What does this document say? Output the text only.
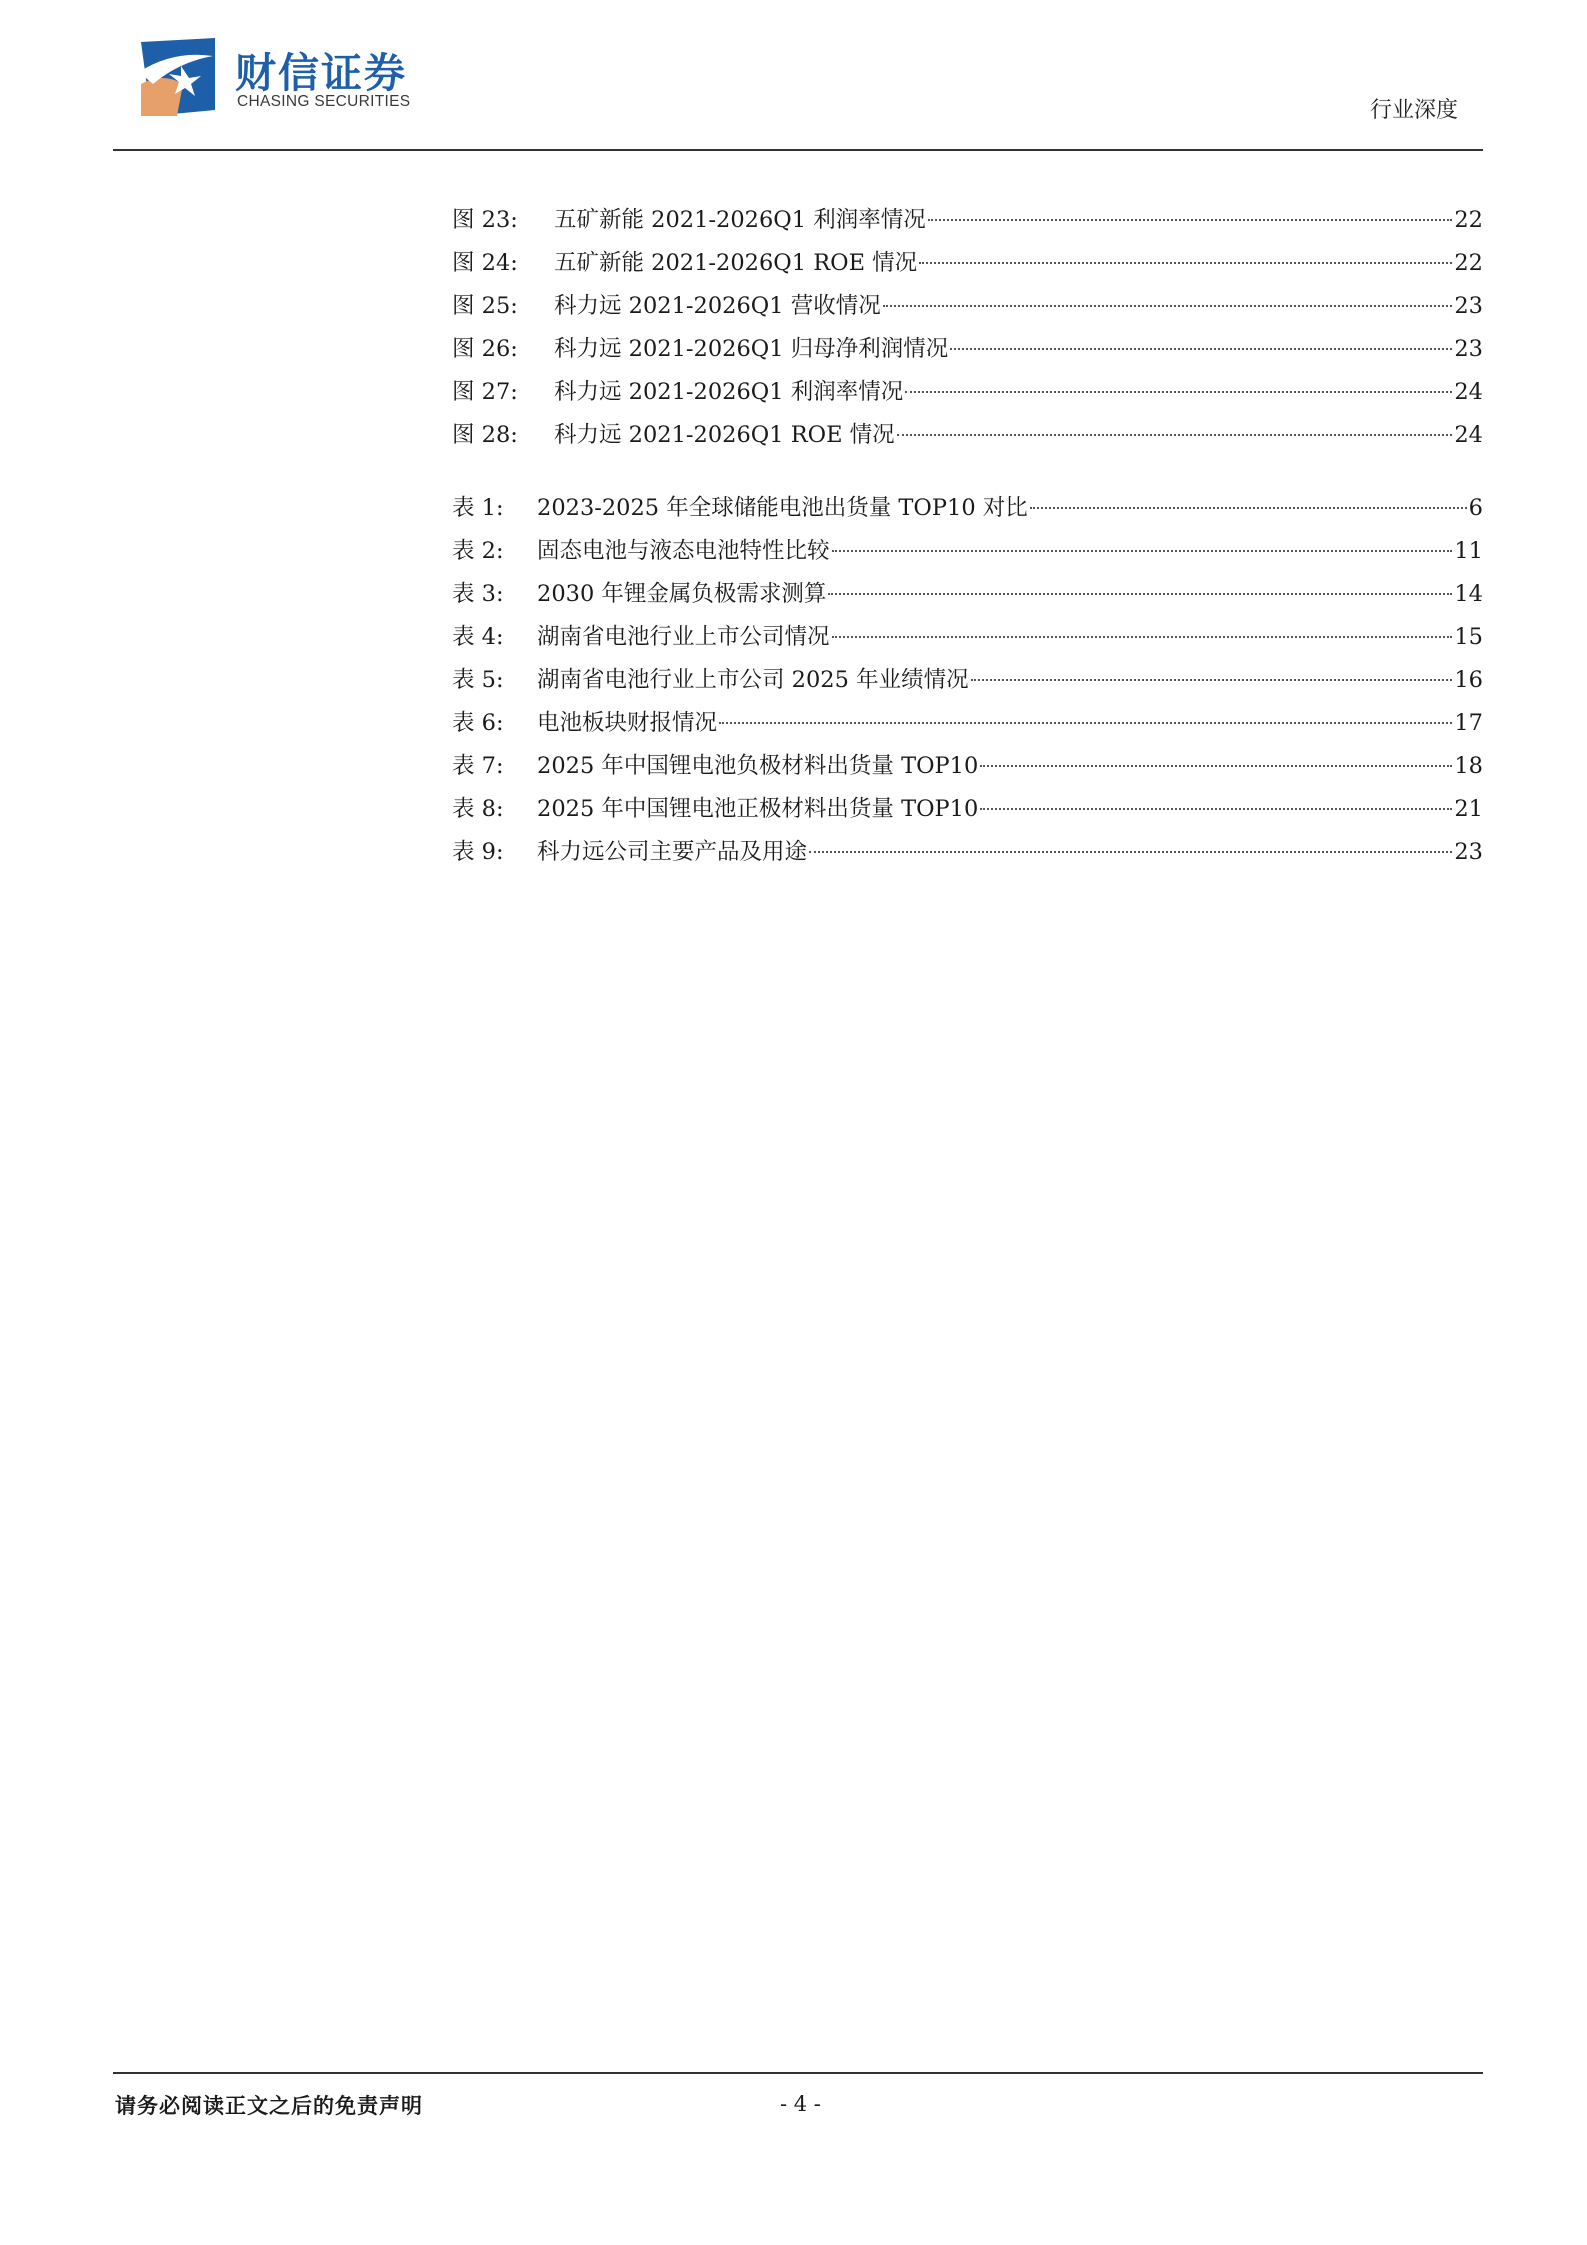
财信证券
CHASING SECURITIES	行业深度
图 23:	五矿新能 2021-2026Q1 利润率情况	22
图 24:	五矿新能 2021-2026Q1 ROE 情况	22
图 25:	科力远 2021-2026Q1 营收情况	23
图 26:	科力远 2021-2026Q1 归母净利润情况	23
图 27:	科力远 2021-2026Q1 利润率情况	24
图 28:	科力远 2021-2026Q1 ROE 情况	24
表 1:	2023-2025 年全球储能电池出货量 TOP10 对比	6
表 2:	固态电池与液态电池特性比较	11
表 3:	2030 年锂金属负极需求测算	14
表 4:	湖南省电池行业上市公司情况	15
表 5:	湖南省电池行业上市公司 2025 年业绩情况	16
表 6:	电池板块财报情况	17
表 7:	2025 年中国锂电池负极材料出货量 TOP10	18
表 8:	2025 年中国锂电池正极材料出货量 TOP10	21
表 9:	科力远公司主要产品及用途	23
请务必阅读正文之后的免责声明	- 4 -
